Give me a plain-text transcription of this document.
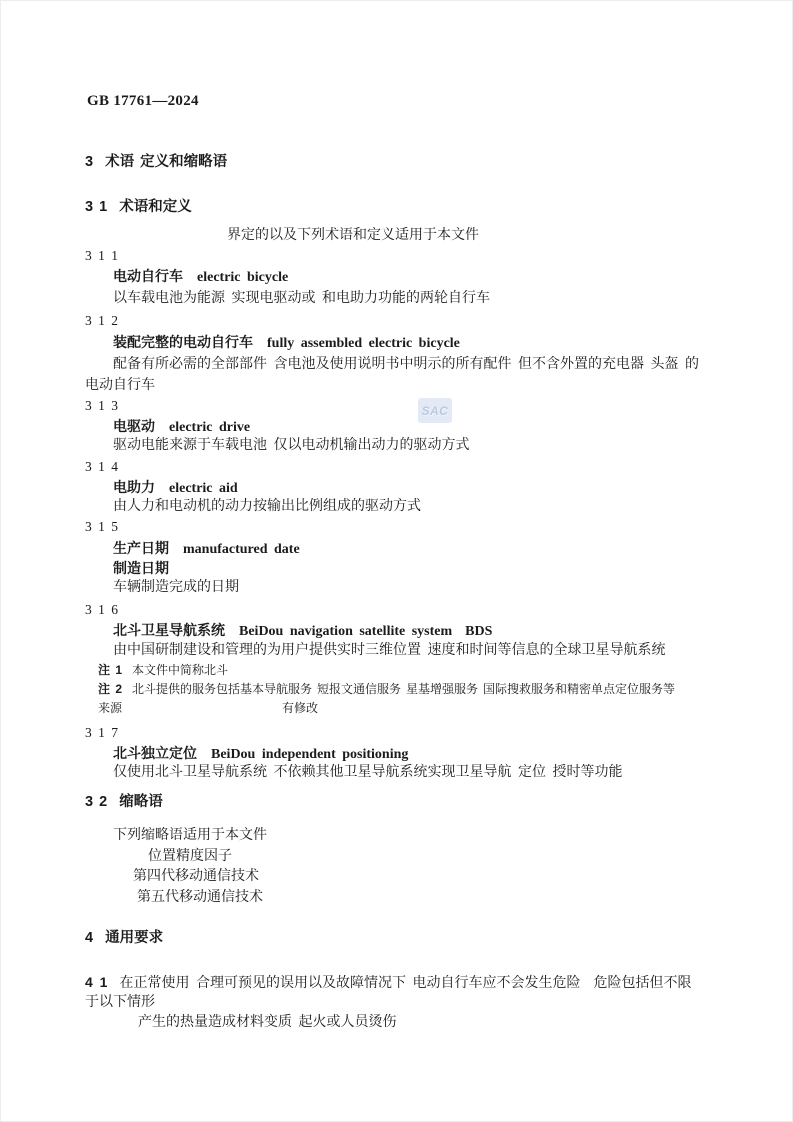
GB 17761—2024
SAC
3  术语 定义和缩略语
3 1  术语和定义
界定的以及下列术语和定义适用于本文件
3 1 1
电动自行车 electric bicycle
以车载电池为能源 实现电驱动或 和电助力功能的两轮自行车
3 1 2
装配完整的电动自行车 fully assembled electric bicycle
配备有所必需的全部部件 含电池及使用说明书中明示的所有配件 但不含外置的充电器 头盔 的
电动自行车
3 1 3
电驱动 electric drive
驱动电能来源于车载电池 仅以电动机输出动力的驱动方式
3 1 4
电助力 electric aid
由人力和电动机的动力按输出比例组成的驱动方式
3 1 5
生产日期 manufactured date
制造日期
车辆制造完成的日期
3 1 6
北斗卫星导航系统 BeiDou navigation satellite system  BDS
由中国研制建设和管理的为用户提供实时三维位置 速度和时间等信息的全球卫星导航系统
注 1 本文件中简称北斗
注 2 北斗提供的服务包括基本导航服务 短报文通信服务 星基增强服务 国际搜救服务和精密单点定位服务等
来源	有修改
3 1 7
北斗独立定位 BeiDou independent positioning
仅使用北斗卫星导航系统 不依赖其他卫星导航系统实现卫星导航 定位 授时等功能
3 2  缩略语
下列缩略语适用于本文件
位置精度因子
第四代移动通信技术
第五代移动通信技术
4  通用要求
4 1 在正常使用 合理可预见的误用以及故障情况下 电动自行车应不会发生危险  危险包括但不限
于以下情形
产生的热量造成材料变质 起火或人员烫伤
